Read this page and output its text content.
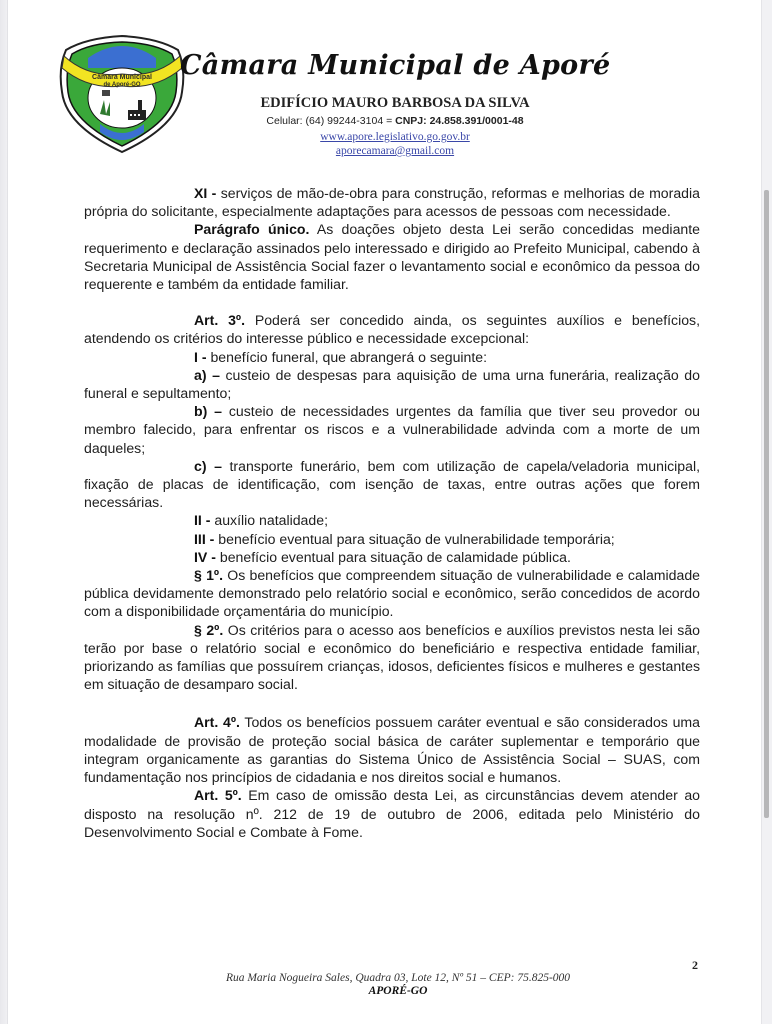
Câmara Municipal
de Aporé-GO
Câmara Municipal de Aporé
EDIFÍCIO MAURO BARBOSA DA SILVA
Celular: (64) 99244-3104 = CNPJ: 24.858.391/0001-48
www.apore.legislativo.go.gov.br
aporecamara@gmail.com

XI - serviços de mão-de-obra para construção, reformas e melhorias de moradia própria do solicitante, especialmente adaptações para acessos de pessoas com necessidade.

Parágrafo único. As doações objeto desta Lei serão concedidas mediante requerimento e declaração assinados pelo interessado e dirigido ao Prefeito Municipal, cabendo à Secretaria Municipal de Assistência Social fazer o levantamento social e econômico da pessoa do requerente e também da entidade familiar.

Art. 3º. Poderá ser concedido ainda, os seguintes auxílios e benefícios, atendendo os critérios do interesse público e necessidade excepcional:

I - benefício funeral, que abrangerá o seguinte:

a) – custeio de despesas para aquisição de uma urna funerária, realização do funeral e sepultamento;

b) – custeio de necessidades urgentes da família que tiver seu provedor ou membro falecido, para enfrentar os riscos e a vulnerabilidade advinda com a morte de um daqueles;

c) – transporte funerário, bem com utilização de capela/veladoria municipal, fixação de placas de identificação, com isenção de taxas, entre outras ações que forem necessárias.

II - auxílio natalidade;

III - benefício eventual para situação de vulnerabilidade temporária;

IV - benefício eventual para situação de calamidade pública.

§ 1º. Os benefícios que compreendem situação de vulnerabilidade e calamidade pública devidamente demonstrado pelo relatório social e econômico, serão concedidos de acordo com a disponibilidade orçamentária do município.

§ 2º. Os critérios para o acesso aos benefícios e auxílios previstos nesta lei são terão por base o relatório social e econômico do beneficiário e respectiva entidade familiar, priorizando as famílias que possuírem crianças, idosos, deficientes físicos e mulheres e gestantes em situação de desamparo social.

Art. 4º. Todos os benefícios possuem caráter eventual e são considerados uma modalidade de provisão de proteção social básica de caráter suplementar e temporário que integram organicamente as garantias do Sistema Único de Assistência Social – SUAS, com fundamentação nos princípios de cidadania e nos direitos social e humanos.

Art. 5º. Em caso de omissão desta Lei, as circunstâncias devem atender ao disposto na resolução nº. 212 de 19 de outubro de 2006, editada pelo Ministério do Desenvolvimento Social e Combate à Fome.

2
Rua Maria Nogueira Sales, Quadra 03, Lote 12, Nº 51 – CEP: 75.825-000
APORÉ-GO
